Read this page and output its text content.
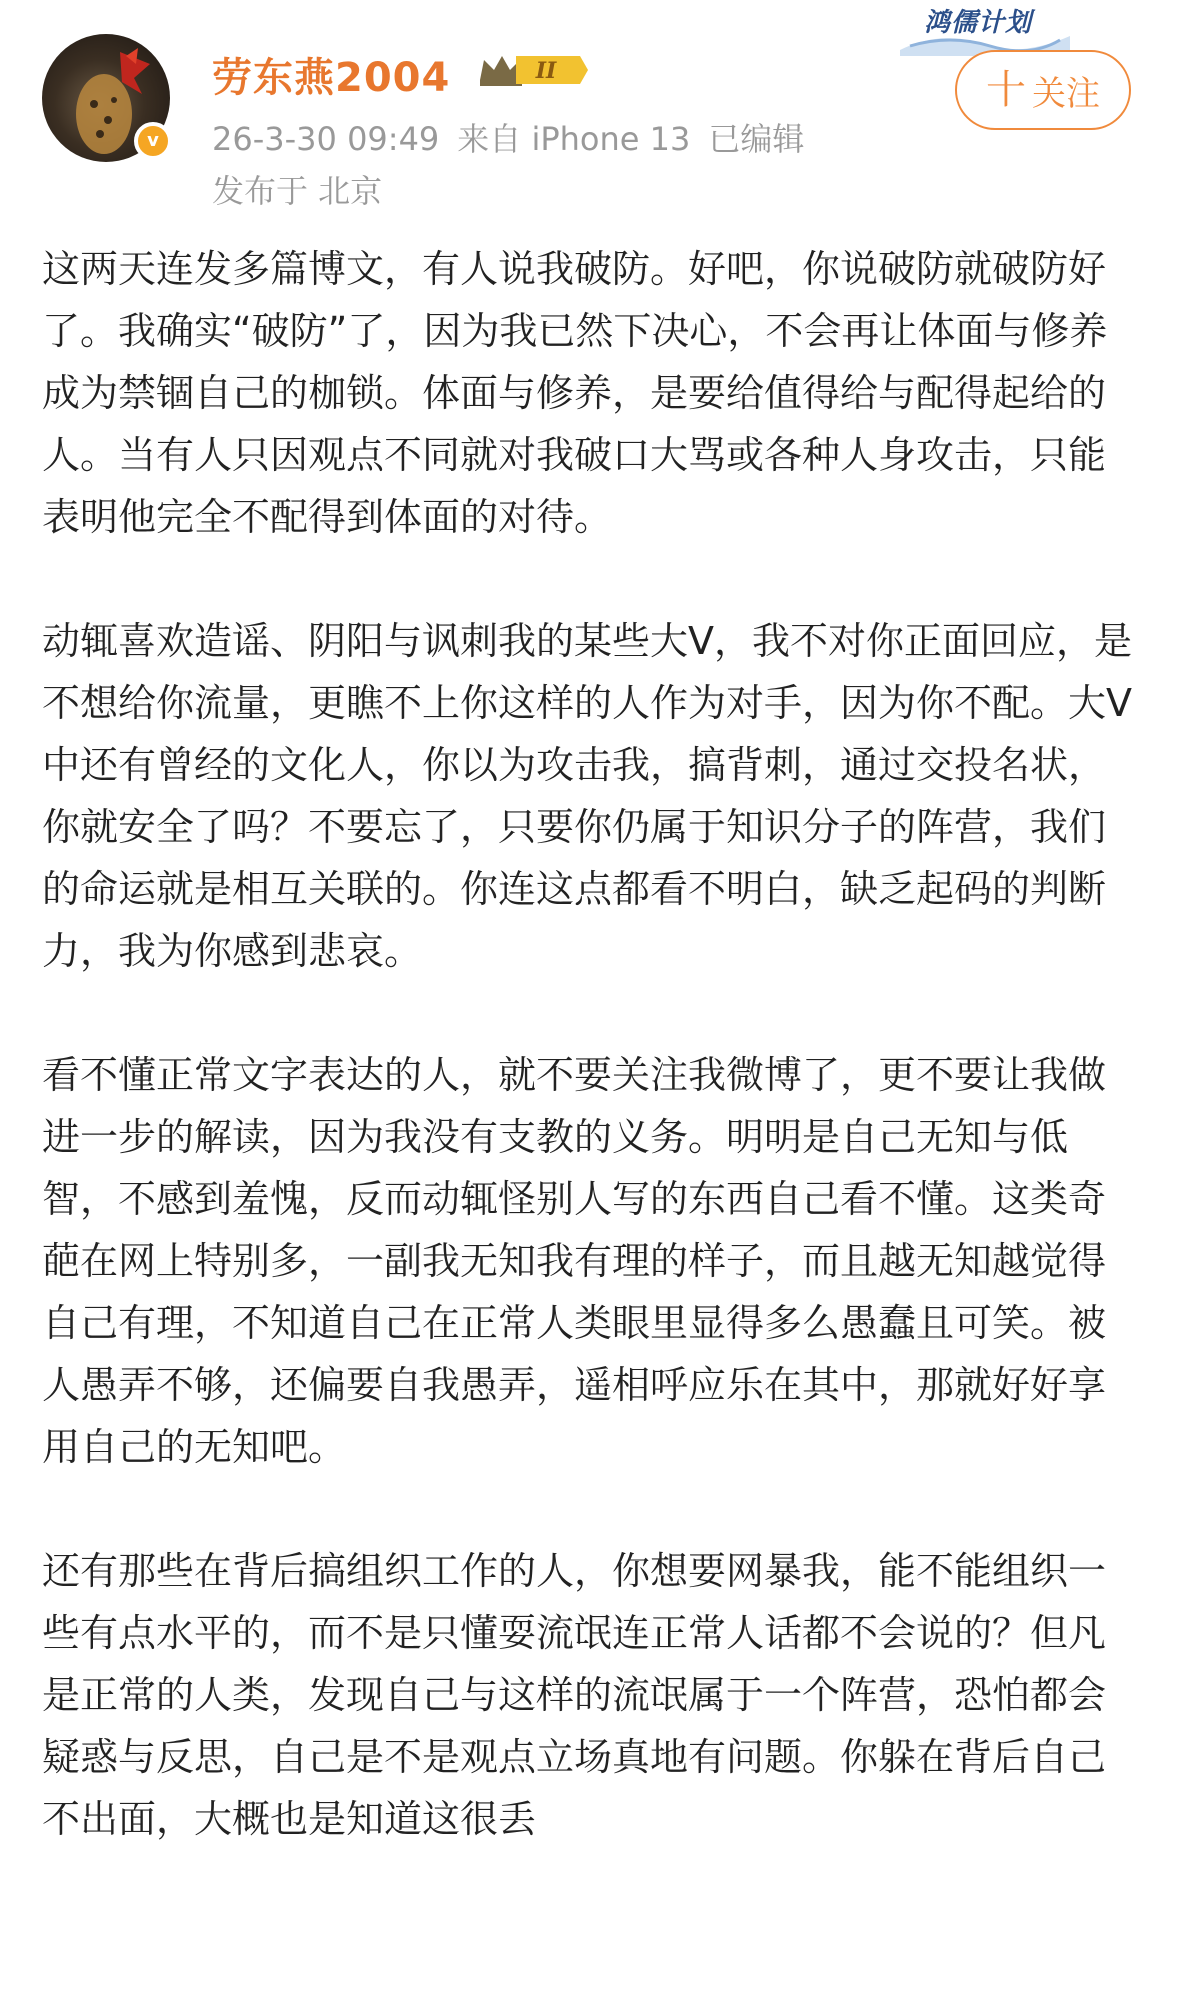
v
劳东燕2004	II
26-3-30 09:49 来自 iPhone 13 已编辑
发布于 北京
鸿儒计划
十 关注

这两天连发多篇博文，有人说我破防。好吧，你说破防就破防好了。我确实“破防”了，因为我已然下决心，不会再让体面与修养成为禁锢自己的枷锁。体面与修养，是要给值得给与配得起给的人。当有人只因观点不同就对我破口大骂或各种人身攻击，只能表明他完全不配得到体面的对待。

动辄喜欢造谣、阴阳与讽刺我的某些大V，我不对你正面回应，是不想给你流量，更瞧不上你这样的人作为对手，因为你不配。大V中还有曾经的文化人，你以为攻击我，搞背刺，通过交投名状，你就安全了吗？不要忘了，只要你仍属于知识分子的阵营，我们的命运就是相互关联的。你连这点都看不明白，缺乏起码的判断力，我为你感到悲哀。

看不懂正常文字表达的人，就不要关注我微博了，更不要让我做进一步的解读，因为我没有支教的义务。明明是自己无知与低智，不感到羞愧，反而动辄怪别人写的东西自己看不懂。这类奇葩在网上特别多，一副我无知我有理的样子，而且越无知越觉得自己有理，不知道自己在正常人类眼里显得多么愚蠢且可笑。被人愚弄不够，还偏要自我愚弄，遥相呼应乐在其中，那就好好享用自己的无知吧。

还有那些在背后搞组织工作的人，你想要网暴我，能不能组织一些有点水平的，而不是只懂耍流氓连正常人话都不会说的？但凡是正常的人类，发现自己与这样的流氓属于一个阵营，恐怕都会疑惑与反思，自己是不是观点立场真地有问题。你躲在背后自己不出面，大概也是知道这很丢
